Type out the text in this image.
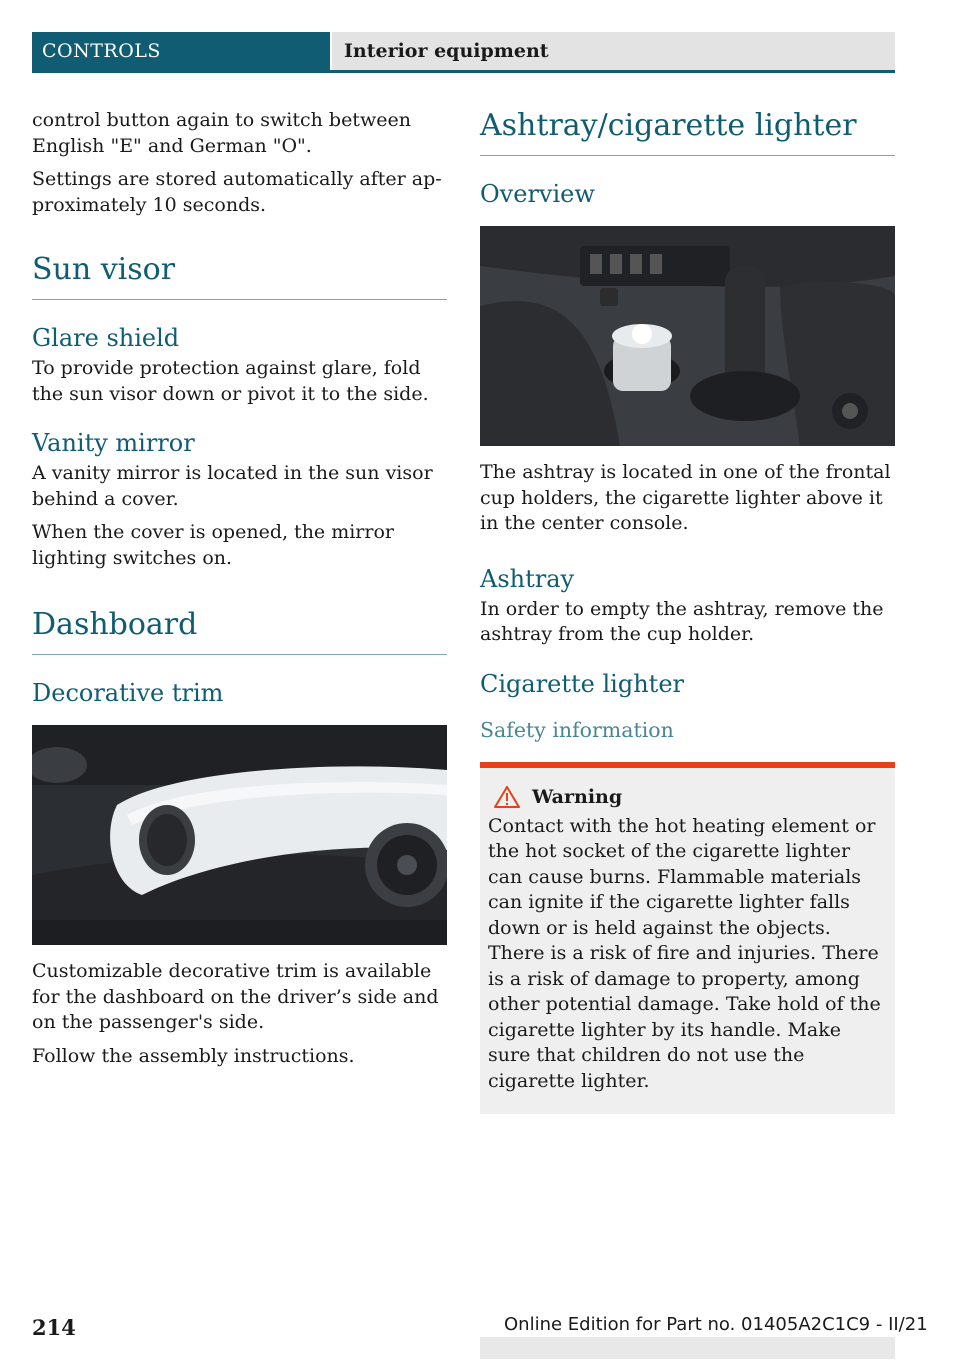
CONTROLS	Interior equipment

control button again to switch between English "E" and German "O".

Settings are stored automatically after approximately 10 seconds.

Sun visor
Glare shield

To provide protection against glare, fold the sun visor down or pivot it to the side.

Vanity mirror

A vanity mirror is located in the sun visor behind a cover.

When the cover is opened, the mirror lighting switches on.

Dashboard
Decorative trim

Customizable decorative trim is available for the dashboard on the driver’s side and on the passenger's side.

Follow the assembly instructions.

Ashtray/cigarette lighter
Overview

The ashtray is located in one of the frontal cup holders, the cigarette lighter above it in the center console.

Ashtray

In order to empty the ashtray, remove the ashtray from the cup holder.

Cigarette lighter
Safety information
Warning

Contact with the hot heating element or the hot socket of the cigarette lighter can cause burns. Flammable materials can ignite if the cigarette lighter falls down or is held against the objects. There is a risk of fire and injuries. There is a risk of damage to property, among other potential damage. Take hold of the cigarette lighter by its handle. Make sure that children do not use the cigarette lighter.

214	Online Edition for Part no. 01405A2C1C9 - II/21
